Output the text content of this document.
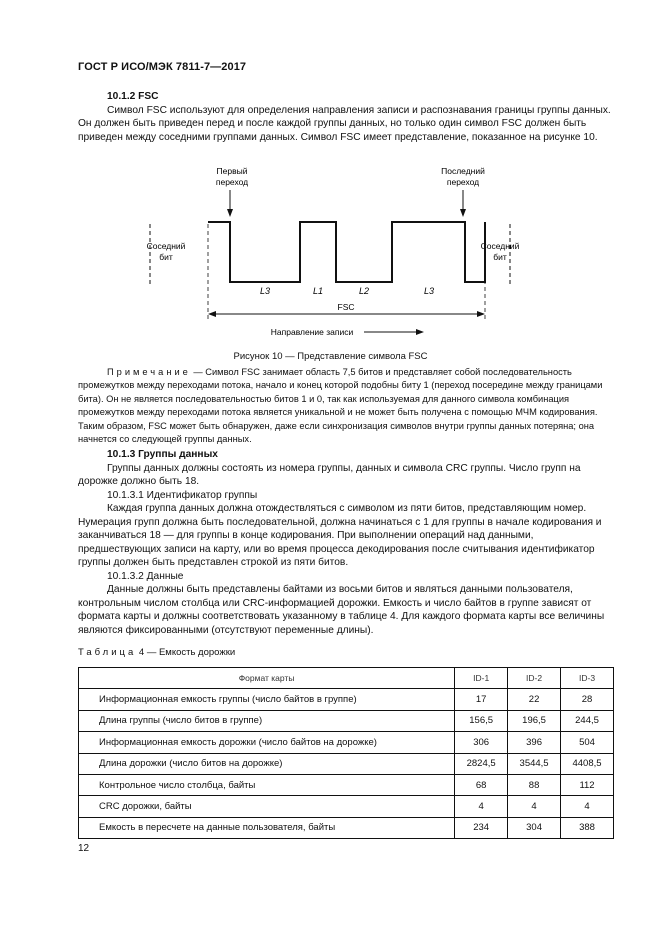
ГОСТ Р ИСО/МЭК 7811-7—2017

10.1.2 FSC

Символ FSC используют для определения направления записи и распознавания границы группы данных. Он должен быть приведен перед и после каждой группы данных, но только один символ FSC должен быть приведен между соседними группами данных. Символ FSC имеет представление, показанное на рисунке 10.

Первый
переход
Последний
переход
Соседний
бит
Соседний
бит
L3	L1	L2	L3
FSC
Направление записи
Рисунок 10 — Представление символа FSC

Примечание — Символ FSC занимает область 7,5 битов и представляет собой последовательность промежутков между переходами потока, начало и конец которой подобны биту 1 (переход посередине между границами бита). Он не является последовательностью битов 1 и 0, так как используемая для данного символа комбинация промежутков между переходами потока является уникальной и не может быть получена с помощью МЧМ кодирования. Таким образом, FSC может быть обнаружен, даже если синхронизация символов внутри группы данных потеряна; она начнется со следующей группы данных.

10.1.3 Группы данных

Группы данных должны состоять из номера группы, данных и символа CRC группы. Число групп на дорожке должно быть 18.

10.1.3.1 Идентификатор группы

Каждая группа данных должна отождествляться с символом из пяти битов, представляющим номер. Нумерация групп должна быть последовательной, должна начинаться с 1 для группы в начале кодирования и заканчиваться 18 — для группы в конце кодирования. При выполнении операций над данными, предшествующих записи на карту, или во время процесса декодирования после считывания идентификатор группы должен быть представлен строкой из пяти битов.

10.1.3.2 Данные

Данные должны быть представлены байтами из восьми битов и являться данными пользователя, контрольным числом столбца или CRC-информацией дорожки. Емкость и число байтов в группе зависят от формата карты и должны соответствовать указанному в таблице 4. Для каждого формата карты все величины являются фиксированными (отсутствуют переменные длины).

Таблица 4 — Емкость дорожки
Формат карты	ID-1	ID-2	ID-3
Информационная емкость группы (число байтов в группе)	17	22	28
Длина группы (число битов в группе)	156,5	196,5	244,5
Информационная емкость дорожки (число байтов на дорожке)	306	396	504
Длина дорожки (число битов на дорожке)	2824,5	3544,5	4408,5
Контрольное число столбца, байты	68	88	112
CRC дорожки, байты	4	4	4
Емкость в пересчете на данные пользователя, байты	234	304	388
12
